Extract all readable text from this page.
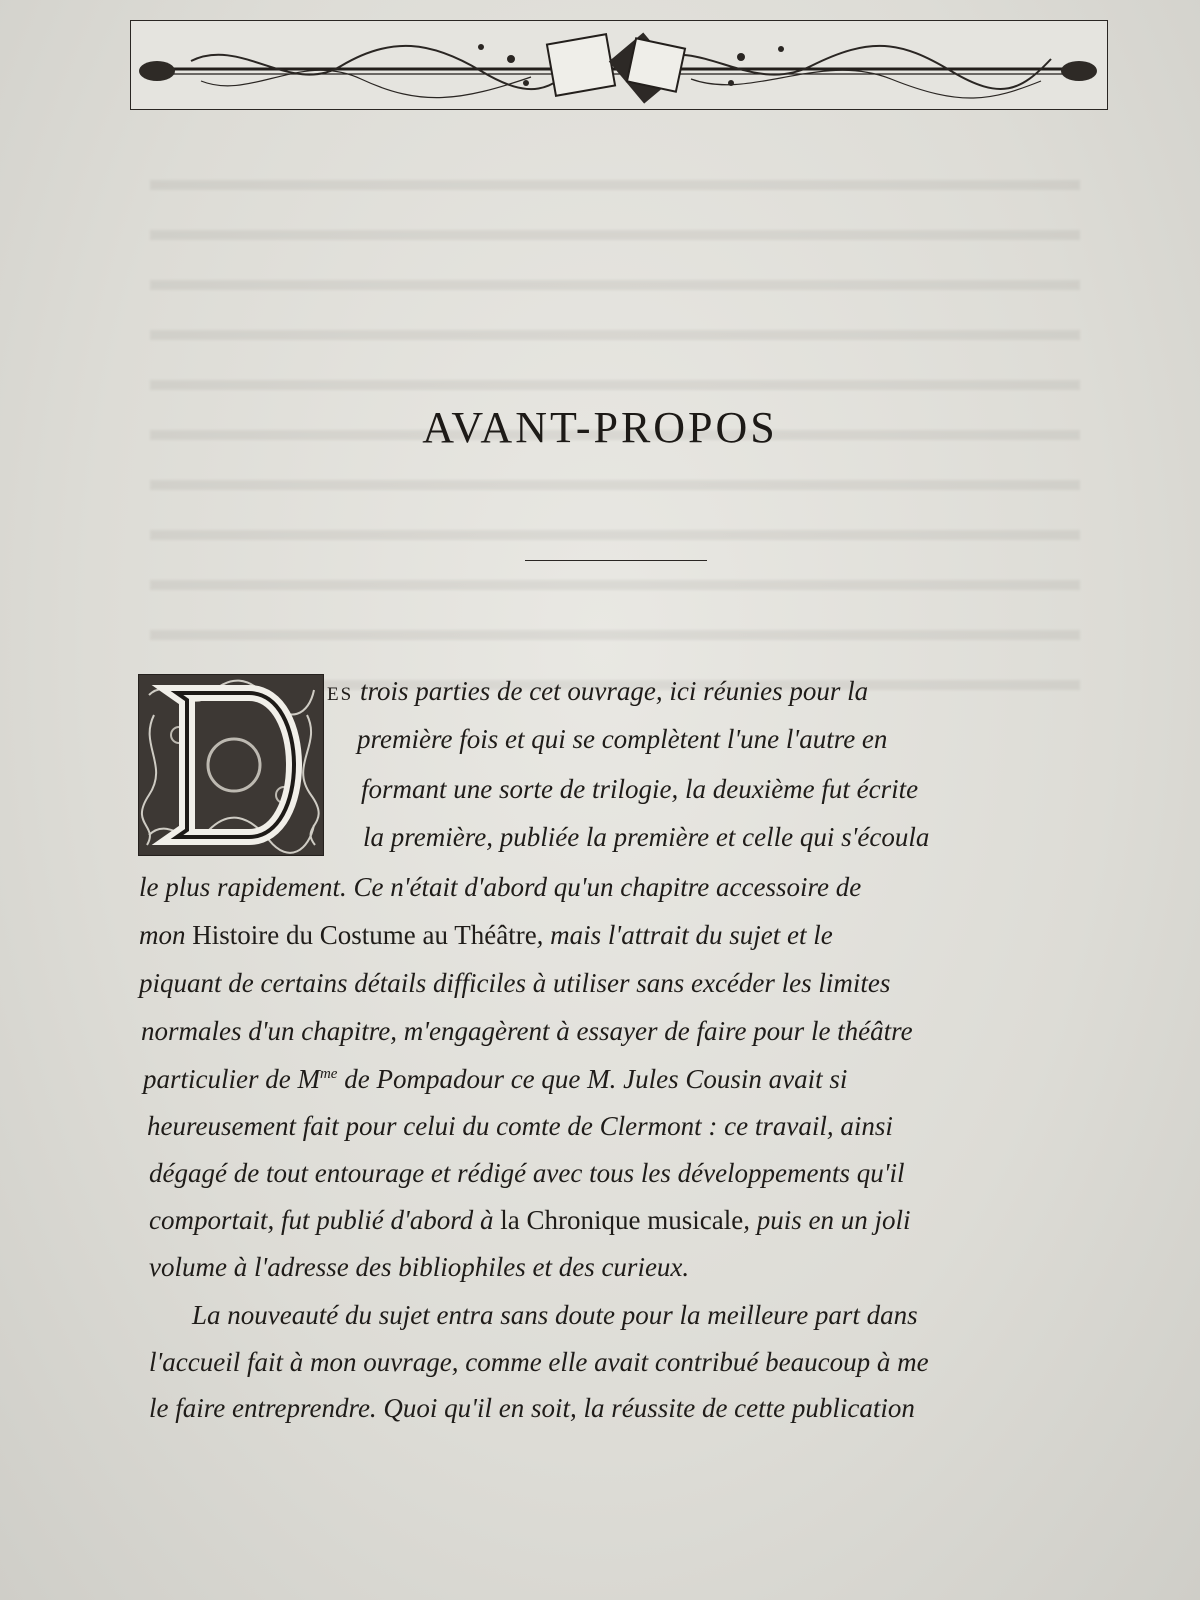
AVANT-PROPOS
ES trois parties de cet ouvrage, ici réunies pour la
première fois et qui se complètent l'une l'autre en
formant une sorte de trilogie, la deuxième fut écrite
la première, publiée la première et celle qui s'écoula
le plus rapidement. Ce n'était d'abord qu'un chapitre accessoire de
mon Histoire du Costume au Théâtre, mais l'attrait du sujet et le
piquant de certains détails difficiles à utiliser sans excéder les limites
normales d'un chapitre, m'engagèrent à essayer de faire pour le théâtre
particulier de $M^{me}$ de Pompadour ce que M. Jules Cousin avait si
heureusement fait pour celui du comte de Clermont : ce travail, ainsi
dégagé de tout entourage et rédigé avec tous les développements qu'il
comportait, fut publié d'abord à la Chronique musicale, puis en un joli
volume à l'adresse des bibliophiles et des curieux.
La nouveauté du sujet entra sans doute pour la meilleure part dans
l'accueil fait à mon ouvrage, comme elle avait contribué beaucoup à me
le faire entreprendre. Quoi qu'il en soit, la réussite de cette publication
